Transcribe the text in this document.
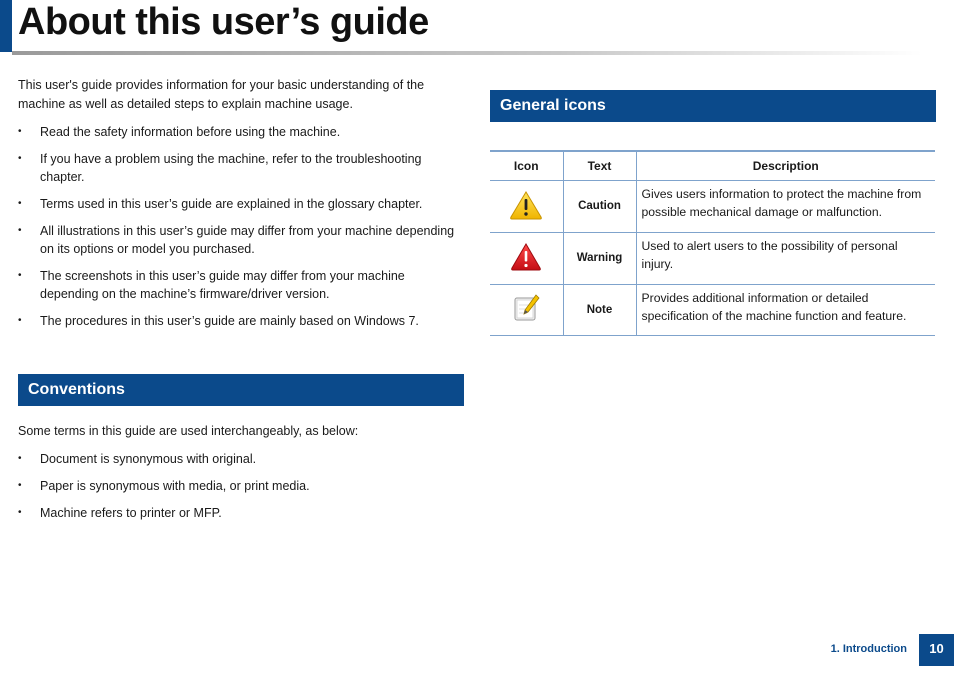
About this user’s guide

This user's guide provides information for your basic understanding of the machine as well as detailed steps to explain machine usage.

• Read the safety information before using the machine.
• If you have a problem using the machine, refer to the troubleshooting chapter.
• Terms used in this user’s guide are explained in the glossary chapter.
• All illustrations in this user’s guide may differ from your machine depending on its options or model you purchased.
• The screenshots in this user’s guide may differ from your machine depending on the machine’s firmware/driver version.
• The procedures in this user’s guide are mainly based on Windows 7.
Conventions

Some terms in this guide are used interchangeably, as below:

• Document is synonymous with original.
• Paper is synonymous with media, or print media.
• Machine refers to printer or MFP.
General icons
Icon	Text	Description
	Caution	Gives users information to protect the machine from possible mechanical damage or malfunction.
	Warning	Used to alert users to the possibility of personal injury.
	Note	Provides additional information or detailed specification of the machine function and feature.
1. Introduction	10
